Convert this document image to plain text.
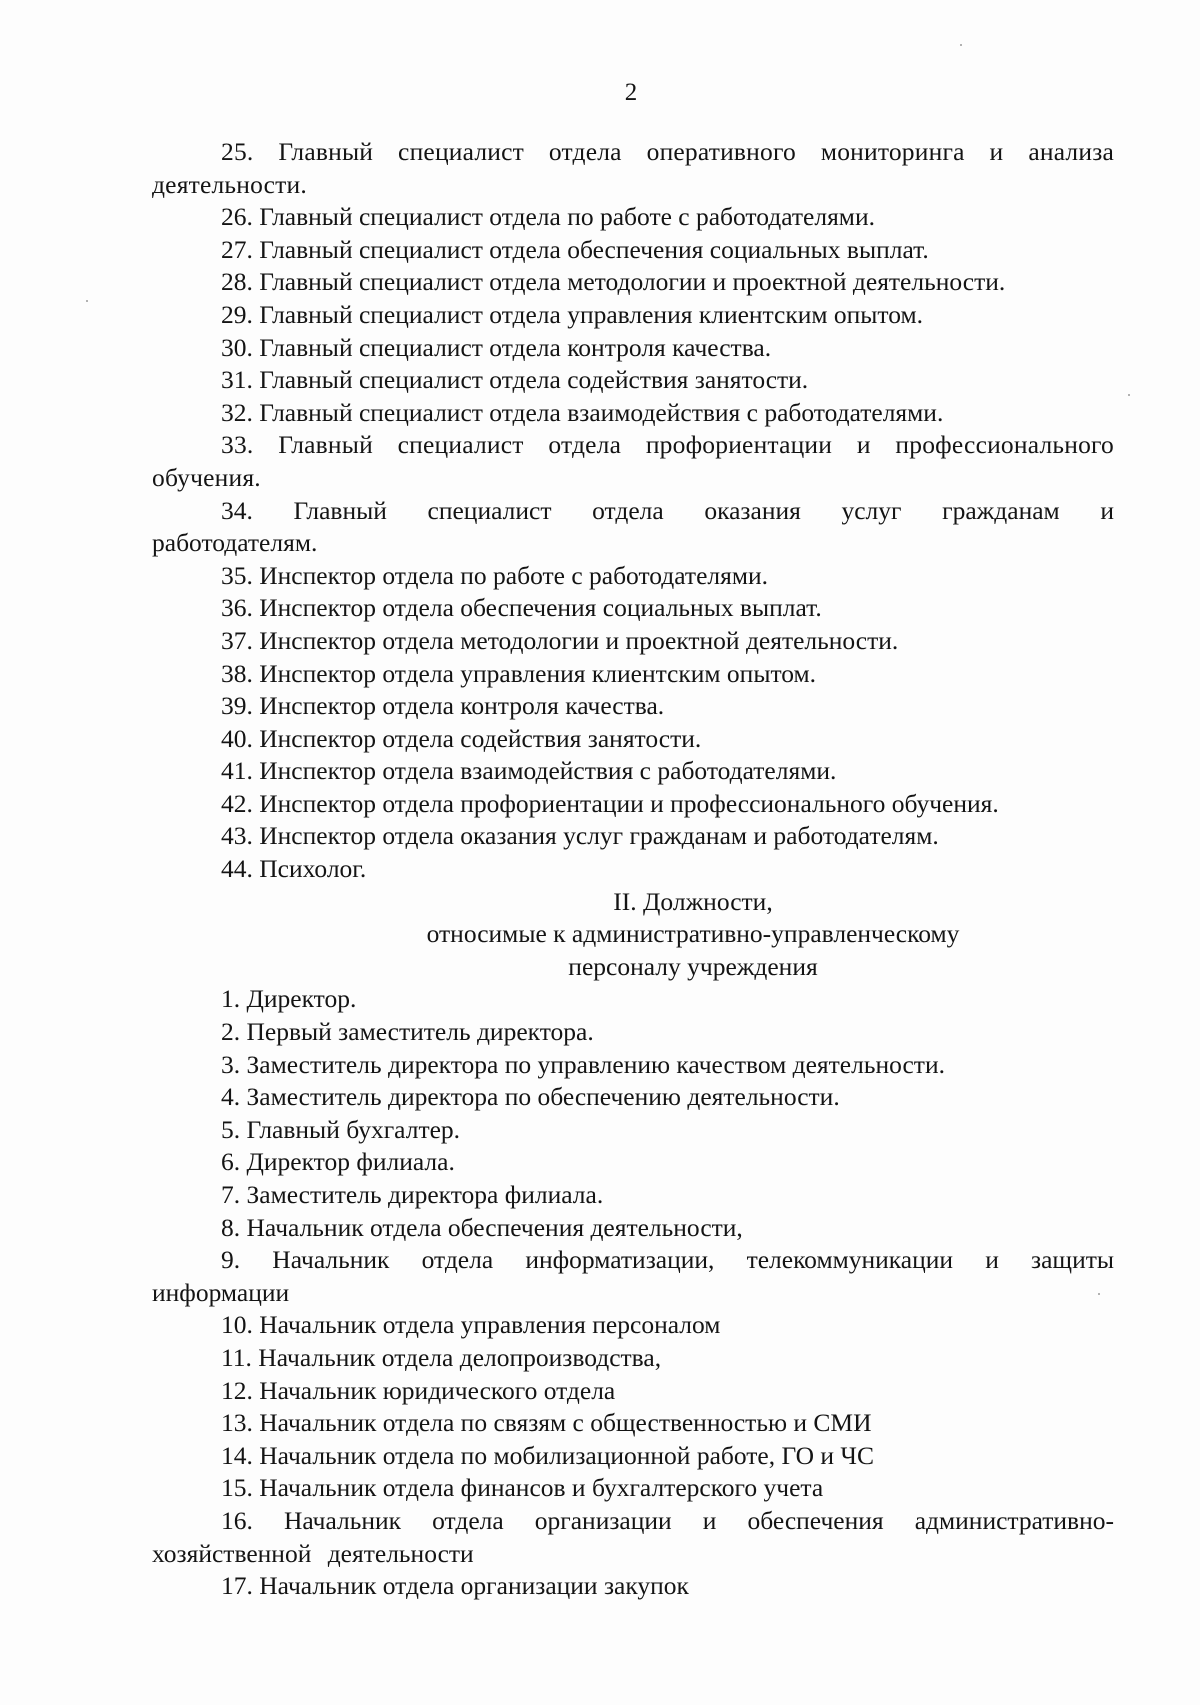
2

25. Главный специалист отдела оперативного мониторинга и анализа деятельности.

26. Главный специалист отдела по работе с работодателями.

27. Главный специалист отдела обеспечения социальных выплат.

28. Главный специалист отдела методологии и проектной деятельности.

29. Главный специалист отдела управления клиентским опытом.

30. Главный специалист отдела контроля качества.

31. Главный специалист отдела содействия занятости.

32. Главный специалист отдела взаимодействия с работодателями.

33. Главный специалист отдела профориентации и профессионального обучения.

34. Главный специалист отдела оказания услуг гражданам и работодателям.

35. Инспектор отдела по работе с работодателями.

36. Инспектор отдела обеспечения социальных выплат.

37. Инспектор отдела методологии и проектной деятельности.

38. Инспектор отдела управления клиентским опытом.

39. Инспектор отдела контроля качества.

40. Инспектор отдела содействия занятости.

41. Инспектор отдела взаимодействия с работодателями.

42. Инспектор отдела профориентации и профессионального обучения.

43. Инспектор отдела оказания услуг гражданам и работодателям.

44. Психолог.

II. Должности,
относимые к административно-управленческому
персоналу учреждения

1. Директор.

2. Первый заместитель директора.

3. Заместитель директора по управлению качеством деятельности.

4. Заместитель директора по обеспечению деятельности.

5. Главный бухгалтер.

6. Директор филиала.

7. Заместитель директора филиала.

8. Начальник отдела обеспечения деятельности,

9. Начальник отдела информатизации, телекоммуникации и защиты информации

10. Начальник отдела управления персоналом

11. Начальник отдела делопроизводства,

12. Начальник юридического отдела

13. Начальник отдела по связям с общественностью и СМИ

14. Начальник отдела по мобилизационной работе, ГО и ЧС

15. Начальник отдела финансов и бухгалтерского учета

16. Начальник отдела организации и обеспечения административно-хозяйственной деятельности

17. Начальник отдела организации закупок
